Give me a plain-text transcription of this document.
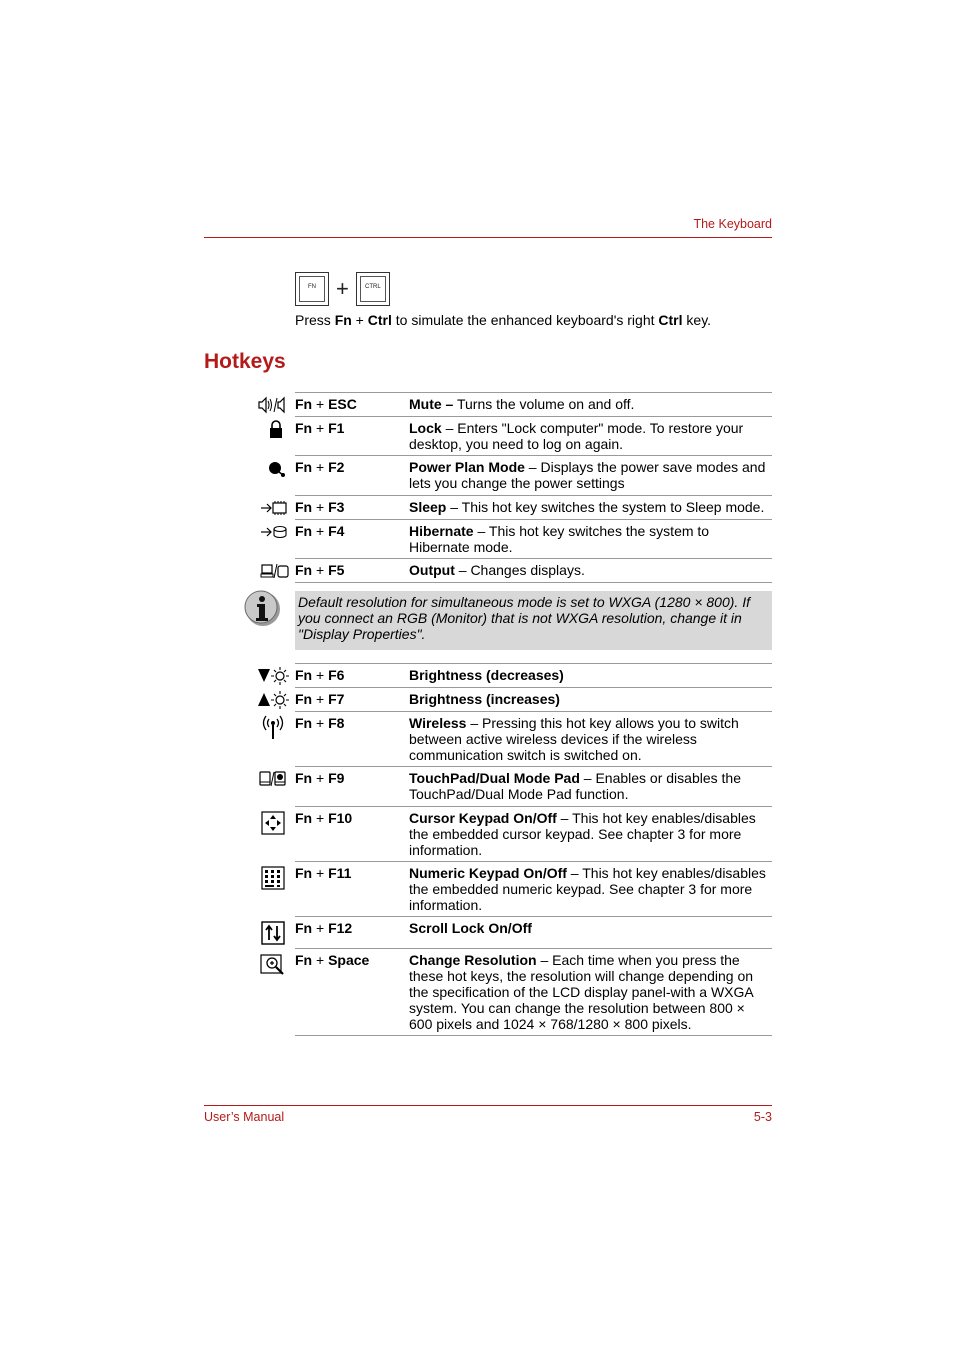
The Keyboard
FN +	CTRL
Press Fn + Ctrl to simulate the enhanced keyboard's right Ctrl key.
Hotkeys
Fn + ESC	Mute – Turns the volume on and off.
Fn + F1	Lock – Enters "Lock computer" mode. To restore your desktop, you need to log on again.
Fn + F2	Power Plan Mode – Displays the power save modes and lets you change the power settings
Fn + F3	Sleep – This hot key switches the system to Sleep mode.
Fn + F4	Hibernate – This hot key switches the system to Hibernate mode.
Fn + F5	Output – Changes displays.
Default resolution for simultaneous mode is set to WXGA (1280 × 800). If you connect an RGB (Monitor) that is not WXGA resolution, change it in "Display Properties".
Fn + F6	Brightness (decreases)
Fn + F7	Brightness (increases)
Fn + F8	Wireless – Pressing this hot key allows you to switch between active wireless devices if the wireless communication switch is switched on.
Fn + F9	TouchPad/Dual Mode Pad – Enables or disables the TouchPad/Dual Mode Pad function.
Fn + F10	Cursor Keypad On/Off – This hot key enables/disables the embedded cursor keypad. See chapter 3 for more information.
Fn + F11	Numeric Keypad On/Off – This hot key enables/disables the embedded numeric keypad. See chapter 3 for more information.
Fn + F12	Scroll Lock On/Off
Fn + Space	Change Resolution – Each time when you press the these hot keys, the resolution will change depending on the specification of the LCD display panel-with a WXGA system. You can change the resolution between 800 × 600 pixels and 1024 × 768/1280 × 800 pixels.
User’s Manual	5-3
